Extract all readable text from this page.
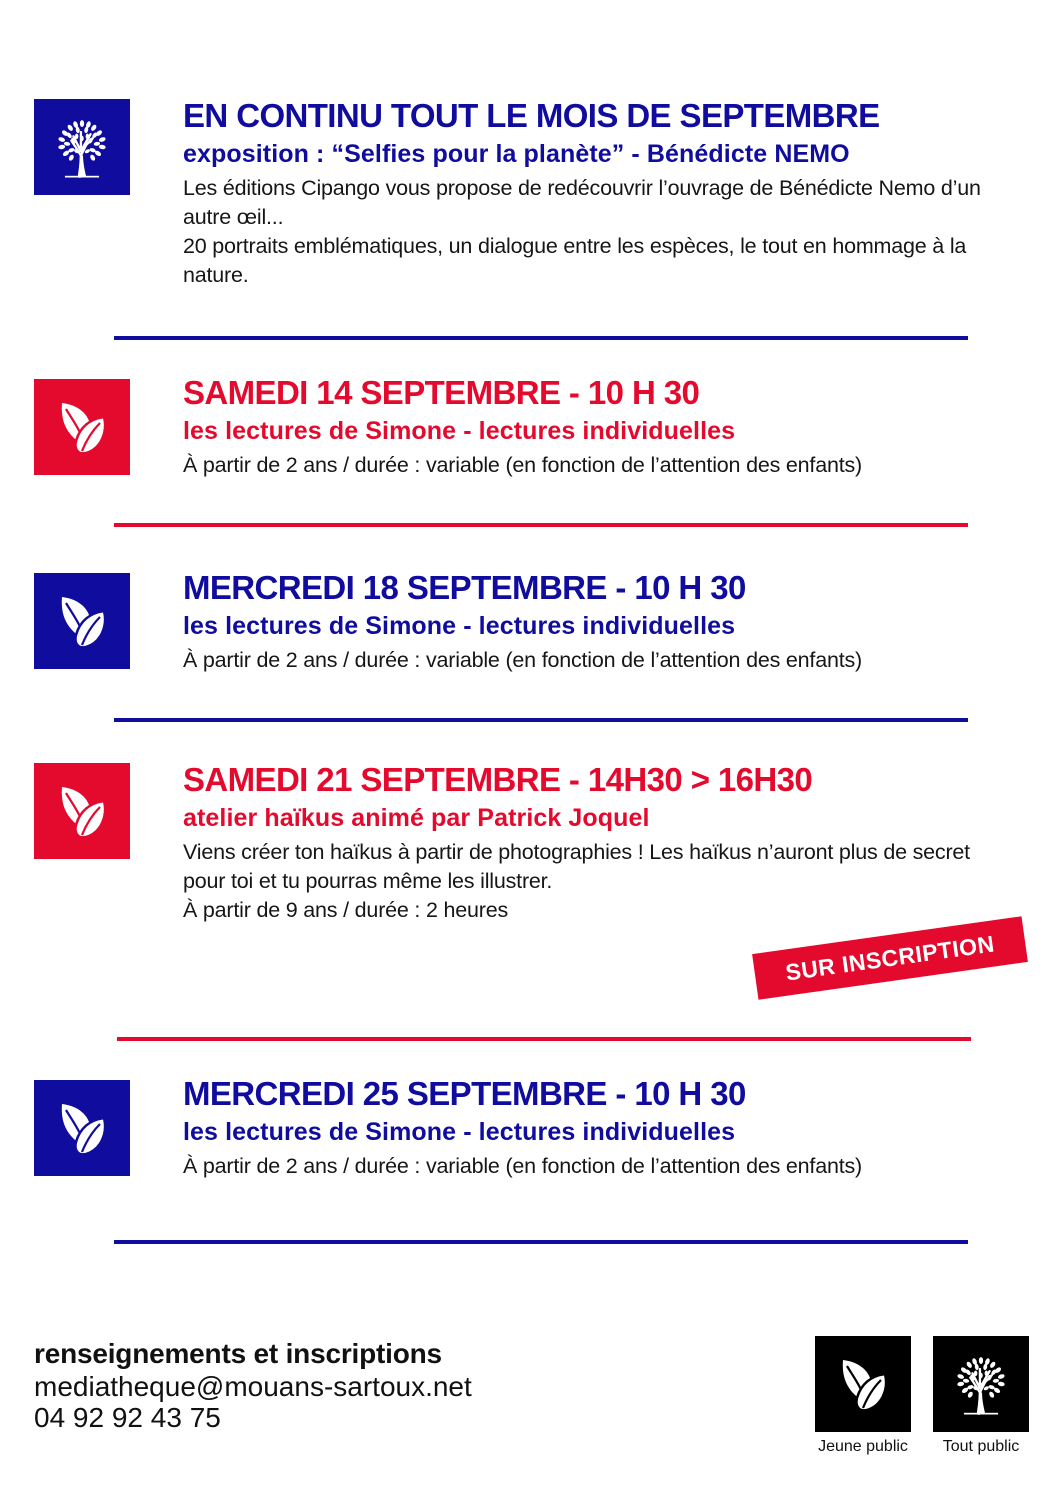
EN CONTINU TOUT LE MOIS DE SEPTEMBRE
exposition : “Selfies pour la planète” - Bénédicte NEMO

Les éditions Cipango vous propose de redécouvrir l’ouvrage de Bénédicte Nemo d’un autre œil...

20 portraits emblématiques, un dialogue entre les espèces, le tout en hommage à la nature.

SAMEDI 14 SEPTEMBRE - 10 H 30
les lectures de Simone - lectures individuelles

À partir de 2 ans / durée : variable (en fonction de l’attention des enfants)

MERCREDI 18 SEPTEMBRE - 10 H 30
les lectures de Simone - lectures individuelles

À partir de 2 ans / durée : variable (en fonction de l’attention des enfants)

SAMEDI 21 SEPTEMBRE - 14H30 > 16H30
atelier haïkus animé par Patrick Joquel

Viens créer ton haïkus à partir de photographies ! Les haïkus n’auront plus de secret pour toi et tu pourras même les illustrer.

À partir de 9 ans / durée : 2 heures

SUR INSCRIPTION
MERCREDI 25 SEPTEMBRE - 10 H 30
les lectures de Simone - lectures individuelles

À partir de 2 ans / durée : variable (en fonction de l’attention des enfants)

renseignements et inscriptions
mediatheque@mouans-sartoux.net
04 92 92 43 75
Jeune public	Tout public
